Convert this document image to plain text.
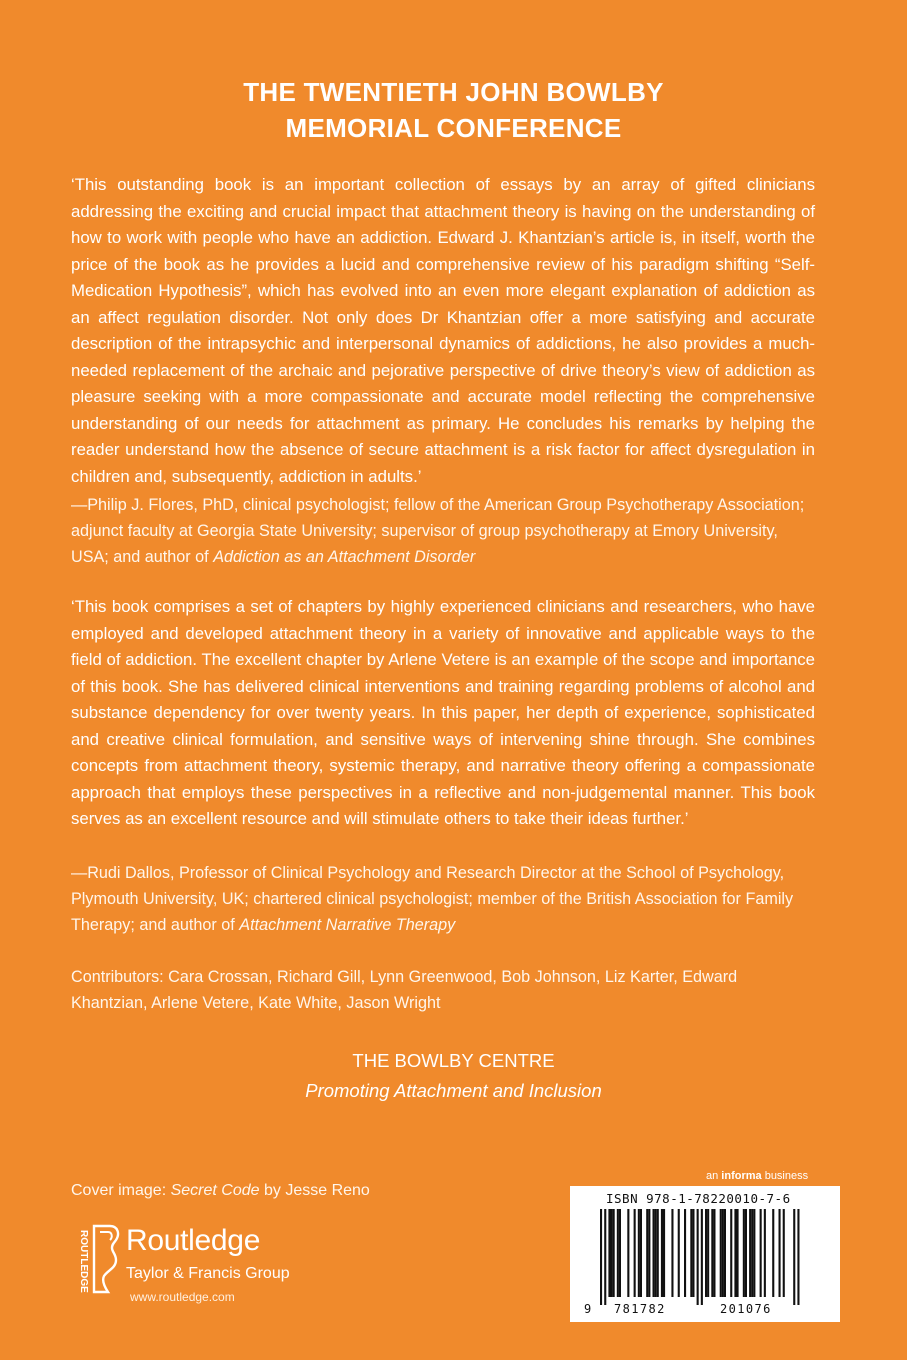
THE TWENTIETH JOHN BOWLBY
MEMORIAL CONFERENCE

‘This outstanding book is an important collection of essays by an array of gifted clinicians addressing the exciting and crucial impact that attachment theory is having on the understanding of how to work with people who have an addiction. Edward J. Khantzian’s article is, in itself, worth the price of the book as he provides a lucid and comprehensive review of his paradigm shifting “Self-Medication Hypothesis”, which has evolved into an even more elegant explanation of addiction as an affect regulation disorder. Not only does Dr Khantzian offer a more satisfying and accurate description of the intrapsychic and interpersonal dynamics of addictions, he also provides a much-needed replacement of the archaic and pejorative perspective of drive theory’s view of addiction as pleasure seeking with a more compassionate and accurate model reflecting the comprehensive understanding of our needs for attachment as primary. He concludes his remarks by helping the reader understand how the absence of secure attachment is a risk factor for affect dysregulation in children and, subsequently, addiction in adults.’

—Philip J. Flores, PhD, clinical psychologist; fellow of the American Group Psychotherapy Association; adjunct faculty at Georgia State University; supervisor of group psychotherapy at Emory University, USA; and author of Addiction as an Attachment Disorder

‘This book comprises a set of chapters by highly experienced clinicians and researchers, who have employed and developed attachment theory in a variety of innovative and applicable ways to the field of addiction. The excellent chapter by Arlene Vetere is an example of the scope and importance of this book. She has delivered clinical interventions and training regarding problems of alcohol and substance dependency for over twenty years. In this paper, her depth of experience, sophisticated and creative clinical formulation, and sensitive ways of intervening shine through. She combines concepts from attachment theory, systemic therapy, and narrative theory offering a compassionate approach that employs these perspectives in a reflective and non-judgemental manner. This book serves as an excellent resource and will stimulate others to take their ideas further.’

—Rudi Dallos, Professor of Clinical Psychology and Research Director at the School of Psychology, Plymouth University, UK; chartered clinical psychologist; member of the British Association for Family Therapy; and author of Attachment Narrative Therapy

Contributors: Cara Crossan, Richard Gill, Lynn Greenwood, Bob Johnson, Liz Karter, Edward Khantzian, Arlene Vetere, Kate White, Jason Wright
THE BOWLBY CENTRE
Promoting Attachment and Inclusion
Cover image: Secret Code by Jesse Reno
ROUTLEDGE Routledge
Taylor & Francis Group
www.routledge.com
an informa business
ISBN 978-1-78220010-7-6
9 781782	201076
